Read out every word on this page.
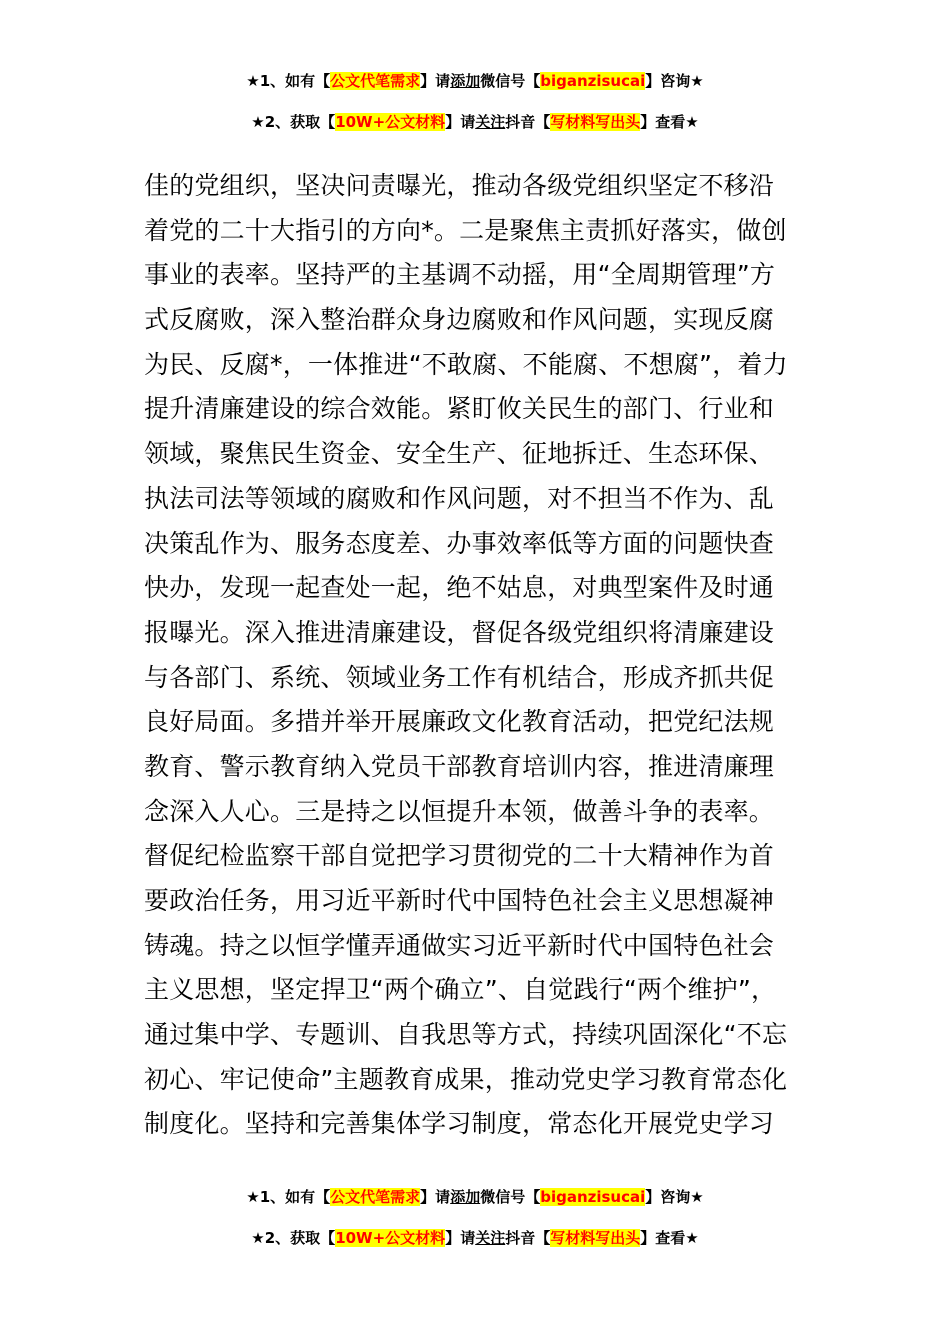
★1、如有【公文代笔需求】请添加微信号【biganzisucai】咨询★
★2、获取【10W+公文材料】请关注抖音【写材料写出头】查看★
佳的党组织，坚决问责曝光，推动各级党组织坚定不移沿
着党的二十大指引的方向*。二是聚焦主责抓好落实，做创
事业的表率。坚持严的主基调不动摇，用“全周期管理”方
式反腐败，深入整治群众身边腐败和作风问题，实现反腐
为民、反腐*，一体推进“不敢腐、不能腐、不想腐”，着力
提升清廉建设的综合效能。紧盯攸关民生的部门、行业和
领域，聚焦民生资金、安全生产、征地拆迁、生态环保、
执法司法等领域的腐败和作风问题，对不担当不作为、乱
决策乱作为、服务态度差、办事效率低等方面的问题快查
快办，发现一起查处一起，绝不姑息，对典型案件及时通
报曝光。深入推进清廉建设，督促各级党组织将清廉建设
与各部门、系统、领域业务工作有机结合，形成齐抓共促
良好局面。多措并举开展廉政文化教育活动，把党纪法规
教育、警示教育纳入党员干部教育培训内容，推进清廉理
念深入人心。三是持之以恒提升本领，做善斗争的表率。
督促纪检监察干部自觉把学习贯彻党的二十大精神作为首
要政治任务，用习近平新时代中国特色社会主义思想凝神
铸魂。持之以恒学懂弄通做实习近平新时代中国特色社会
主义思想，坚定捍卫“两个确立”、自觉践行“两个维护”，
通过集中学、专题训、自我思等方式，持续巩固深化“不忘
初心、牢记使命”主题教育成果，推动党史学习教育常态化
制度化。坚持和完善集体学习制度，常态化开展党史学习
★1、如有【公文代笔需求】请添加微信号【biganzisucai】咨询★
★2、获取【10W+公文材料】请关注抖音【写材料写出头】查看★
